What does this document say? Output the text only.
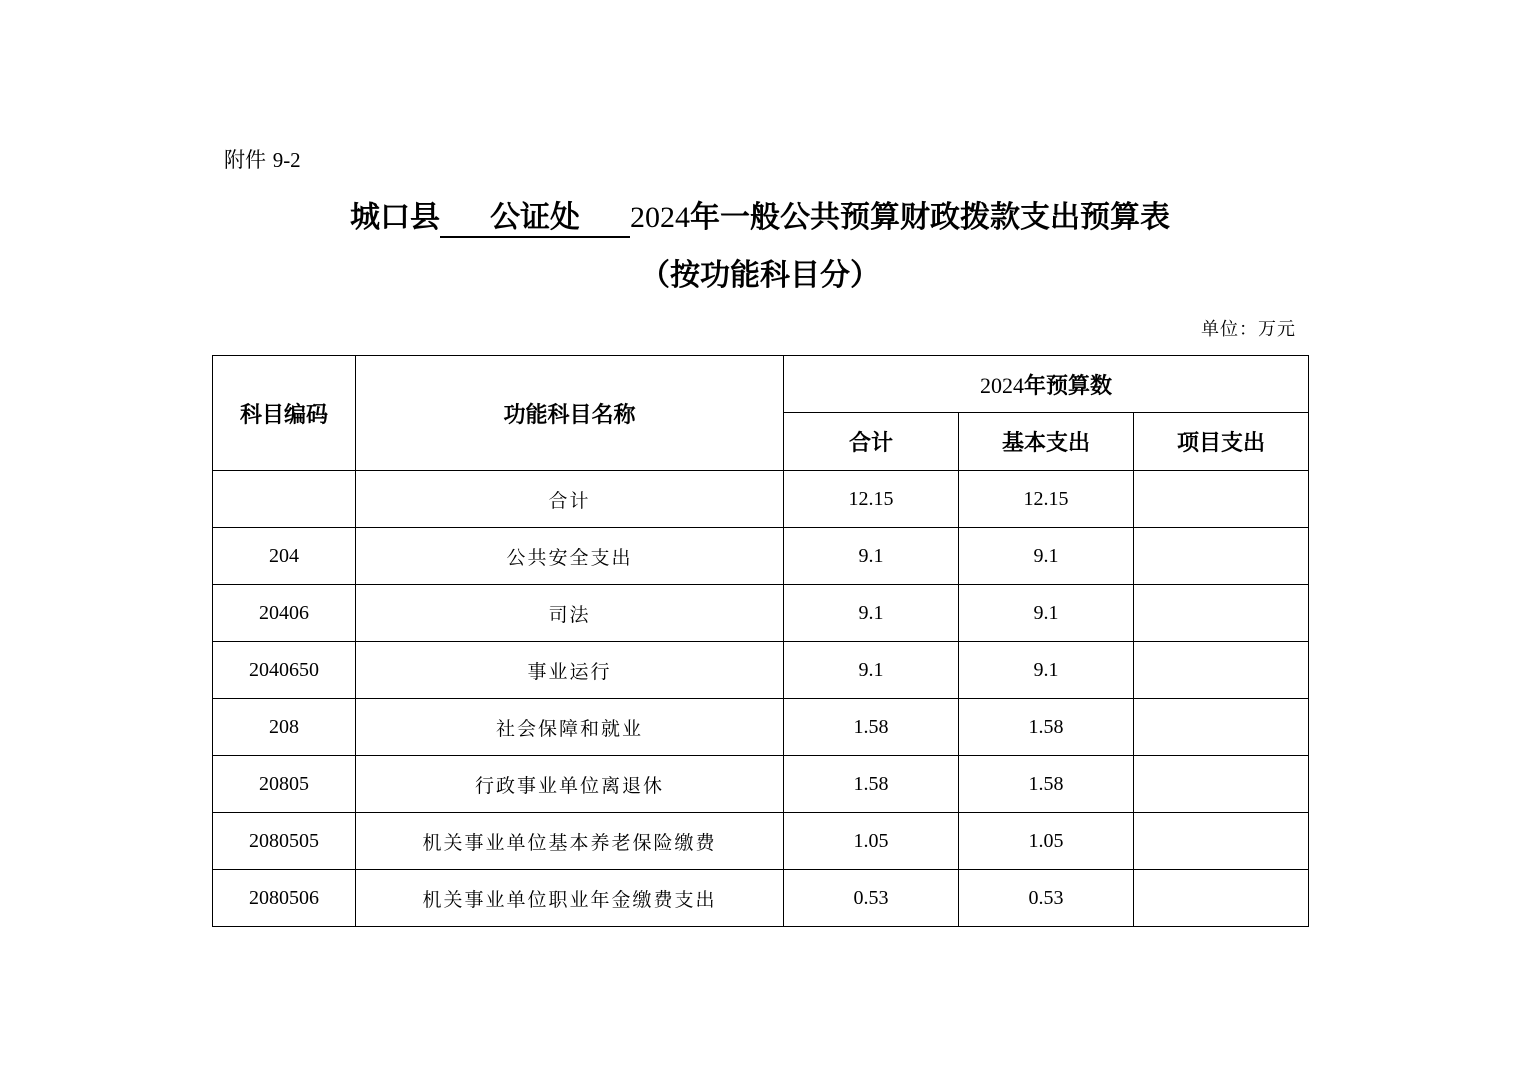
附件 9-2
城口县 公证处 2024年一般公共预算财政拨款支出预算表
（按功能科目分）
单位：万元
科目编码	功能科目名称	2024年预算数		
		合计	基本支出	项目支出
	合计	12.15	12.15	
204	公共安全支出	9.1	9.1	
20406	司法	9.1	9.1	
2040650	事业运行	9.1	9.1	
208	社会保障和就业	1.58	1.58	
20805	行政事业单位离退休	1.58	1.58	
2080505	机关事业单位基本养老保险缴费	1.05	1.05	
2080506	机关事业单位职业年金缴费支出	0.53	0.53	
